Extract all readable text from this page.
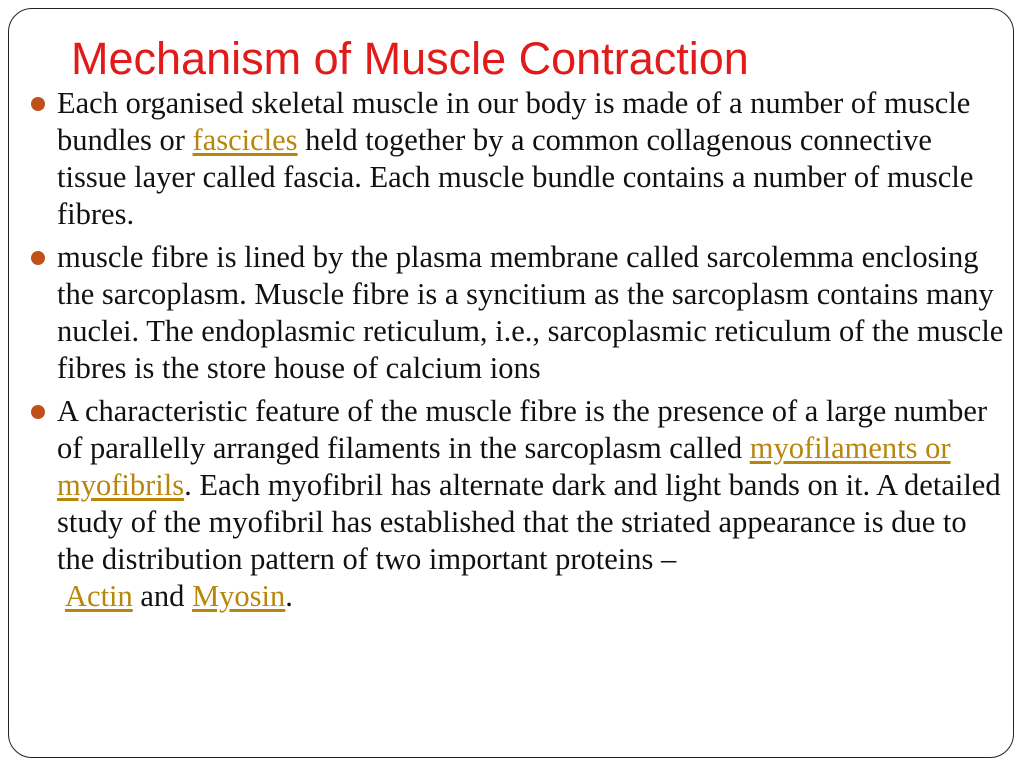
Mechanism of Muscle Contraction
Each organised skeletal muscle in our body is made of a number of muscle bundles or fascicles held together by a common collagenous connective tissue layer called fascia. Each muscle bundle contains a number of muscle fibres.
muscle fibre is lined by the plasma membrane called sarcolemma enclosing the sarcoplasm. Muscle fibre is a syncitium as the sarcoplasm contains many nuclei. The endoplasmic reticulum, i.e., sarcoplasmic reticulum of the muscle fibres is the store house of calcium ions
A characteristic feature of the muscle fibre is the presence of a large number of parallelly arranged filaments in the sarcoplasm called myofilaments or myofibrils. Each myofibril has alternate dark and light bands on it. A detailed study of the myofibril has established that the striated appearance is due to the distribution pattern of two important proteins –
Actin and Myosin.
